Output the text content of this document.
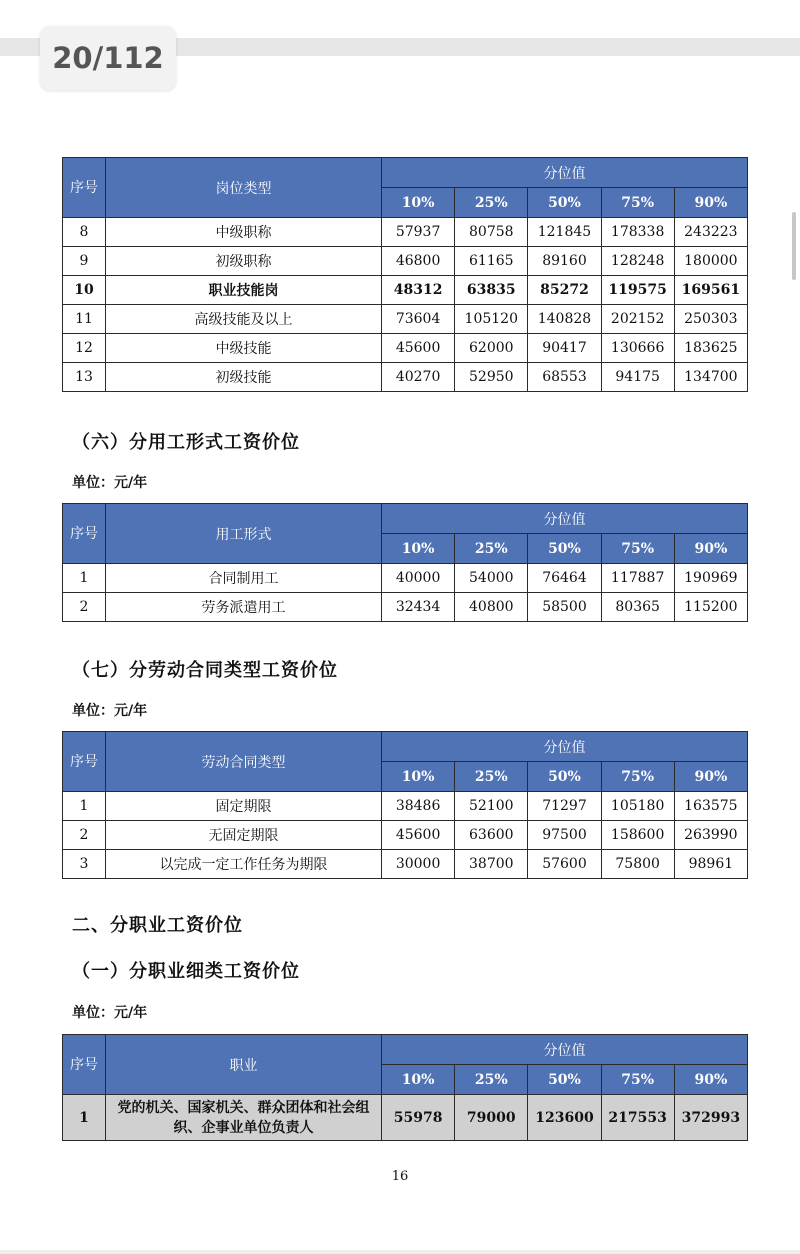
20/112
序号	岗位类型	分位值				
		10%	25%	50%	75%	90%
8	中级职称	57937	80758	121845	178338	243223
9	初级职称	46800	61165	89160	128248	180000
10	职业技能岗	48312	63835	85272	119575	169561
11	高级技能及以上	73604	105120	140828	202152	250303
12	中级技能	45600	62000	90417	130666	183625
13	初级技能	40270	52950	68553	94175	134700
（六）分用工形式工资价位
单位：元/年
序号	用工形式	分位值				
		10%	25%	50%	75%	90%
1	合同制用工	40000	54000	76464	117887	190969
2	劳务派遣用工	32434	40800	58500	80365	115200
（七）分劳动合同类型工资价位
单位：元/年
序号	劳动合同类型	分位值				
		10%	25%	50%	75%	90%
1	固定期限	38486	52100	71297	105180	163575
2	无固定期限	45600	63600	97500	158600	263990
3	以完成一定工作任务为期限	30000	38700	57600	75800	98961
二、分职业工资价位
（一）分职业细类工资价位
单位：元/年
序号	职业	分位值				
		10%	25%	50%	75%	90%
1	党的机关、国家机关、群众团体和社会组织、企事业单位负责人	55978	79000	123600	217553	372993
16
